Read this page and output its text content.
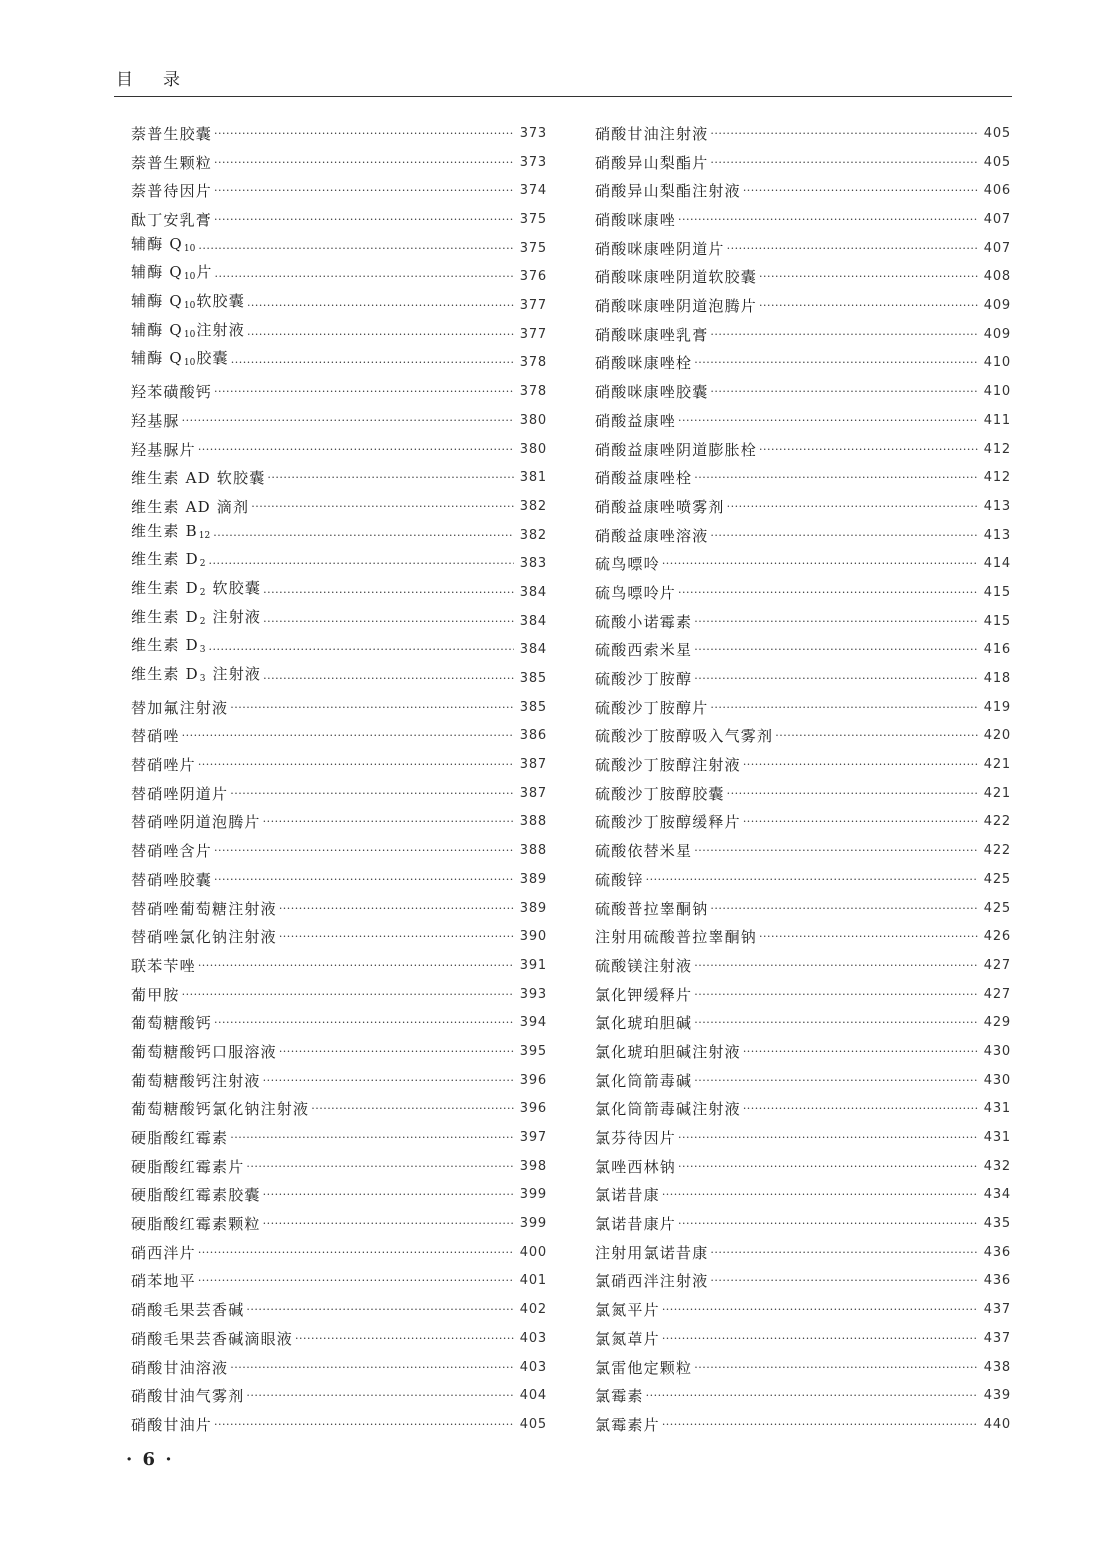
目录
萘普生胶囊 ·····	373
萘普生颗粒 ·····	373
萘普待因片 ·····	374
酞丁安乳膏 ·····	375
辅酶 $Q_{10}$ ·····	375
辅酶 $Q_{10}$片 ·····	376
辅酶 $Q_{10}$软胶囊 ·····	377
辅酶 $Q_{10}$注射液 ·····	377
辅酶 $Q_{10}$胶囊 ·····	378
羟苯磺酸钙 ·····	378
羟基脲 ·····	380
羟基脲片 ·····	380
维生素 AD 软胶囊 ·····	381
维生素 AD 滴剂 ·····	382
维生素 $B_{12}$ ·····	382
维生素 $D_2$ ·····	383
维生素 $D_2$ 软胶囊 ·····	384
维生素 $D_2$ 注射液 ·····	384
维生素 $D_3$ ·····	384
维生素 $D_3$ 注射液 ·····	385
替加氟注射液 ·····	385
替硝唑 ·····	386
替硝唑片 ·····	387
替硝唑阴道片 ·····	387
替硝唑阴道泡腾片 ·····	388
替硝唑含片 ·····	388
替硝唑胶囊 ·····	389
替硝唑葡萄糖注射液 ·····	389
替硝唑氯化钠注射液 ·····	390
联苯苄唑 ·····	391
葡甲胺 ·····	393
葡萄糖酸钙 ·····	394
葡萄糖酸钙口服溶液 ·····	395
葡萄糖酸钙注射液 ·····	396
葡萄糖酸钙氯化钠注射液 ·····	396
硬脂酸红霉素 ·····	397
硬脂酸红霉素片 ·····	398
硬脂酸红霉素胶囊 ·····	399
硬脂酸红霉素颗粒 ·····	399
硝西泮片 ·····	400
硝苯地平 ·····	401
硝酸毛果芸香碱 ·····	402
硝酸毛果芸香碱滴眼液 ·····	403
硝酸甘油溶液 ·····	403
硝酸甘油气雾剂 ·····	404
硝酸甘油片 ·····	405
硝酸甘油注射液 ·····	405
硝酸异山梨酯片 ·····	405
硝酸异山梨酯注射液 ·····	406
硝酸咪康唑 ·····	407
硝酸咪康唑阴道片 ·····	407
硝酸咪康唑阴道软胶囊 ·····	408
硝酸咪康唑阴道泡腾片 ·····	409
硝酸咪康唑乳膏 ·····	409
硝酸咪康唑栓 ·····	410
硝酸咪康唑胶囊 ·····	410
硝酸益康唑 ·····	411
硝酸益康唑阴道膨胀栓 ·····	412
硝酸益康唑栓 ·····	412
硝酸益康唑喷雾剂 ·····	413
硝酸益康唑溶液 ·····	413
硫鸟嘌呤 ·····	414
硫鸟嘌呤片 ·····	415
硫酸小诺霉素 ·····	415
硫酸西索米星 ·····	416
硫酸沙丁胺醇 ·····	418
硫酸沙丁胺醇片 ·····	419
硫酸沙丁胺醇吸入气雾剂 ·····	420
硫酸沙丁胺醇注射液 ·····	421
硫酸沙丁胺醇胶囊 ·····	421
硫酸沙丁胺醇缓释片 ·····	422
硫酸依替米星 ·····	422
硫酸锌 ·····	425
硫酸普拉睾酮钠 ·····	425
注射用硫酸普拉睾酮钠 ·····	426
硫酸镁注射液 ·····	427
氯化钾缓释片 ·····	427
氯化琥珀胆碱 ·····	429
氯化琥珀胆碱注射液 ·····	430
氯化筒箭毒碱 ·····	430
氯化筒箭毒碱注射液 ·····	431
氯芬待因片 ·····	431
氯唑西林钠 ·····	432
氯诺昔康 ·····	434
氯诺昔康片 ·····	435
注射用氯诺昔康 ·····	436
氯硝西泮注射液 ·····	436
氯氮平片 ·····	437
氯氮䓬片 ·····	437
氯雷他定颗粒 ·····	438
氯霉素 ·····	439
氯霉素片 ·····	440
· 6 ·
